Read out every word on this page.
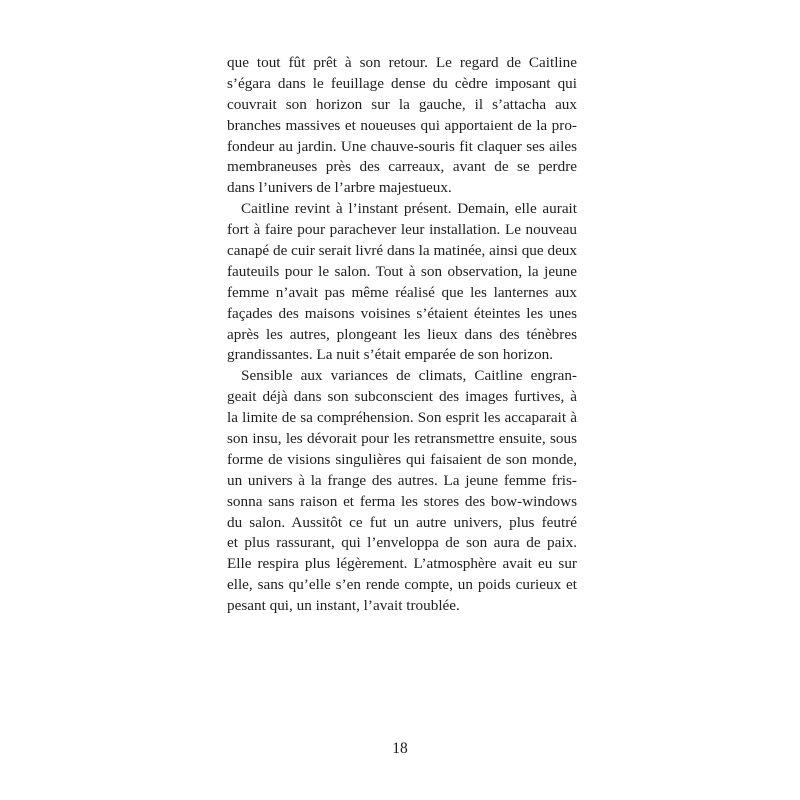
que tout fût prêt à son retour. Le regard de Caitline
s’égara dans le feuillage dense du cèdre imposant qui
couvrait son horizon sur la gauche, il s’attacha aux
branches massives et noueuses qui apportaient de la pro-
fondeur au jardin. Une chauve-souris fit claquer ses ailes
membraneuses près des carreaux, avant de se perdre
dans l’univers de l’arbre majestueux.
Caitline revint à l’instant présent. Demain, elle aurait
fort à faire pour parachever leur installation. Le nouveau
canapé de cuir serait livré dans la matinée, ainsi que deux
fauteuils pour le salon. Tout à son observation, la jeune
femme n’avait pas même réalisé que les lanternes aux
façades des maisons voisines s’étaient éteintes les unes
après les autres, plongeant les lieux dans des ténèbres
grandissantes. La nuit s’était emparée de son horizon.
Sensible aux variances de climats, Caitline engran-
geait déjà dans son subconscient des images furtives, à
la limite de sa compréhension. Son esprit les accaparait à
son insu, les dévorait pour les retransmettre ensuite, sous
forme de visions singulières qui faisaient de son monde,
un univers à la frange des autres. La jeune femme fris-
sonna sans raison et ferma les stores des bow-windows
du salon. Aussitôt ce fut un autre univers, plus feutré
et plus rassurant, qui l’enveloppa de son aura de paix.
Elle respira plus légèrement. L’atmosphère avait eu sur
elle, sans qu’elle s’en rende compte, un poids curieux et
pesant qui, un instant, l’avait troublée.
18
